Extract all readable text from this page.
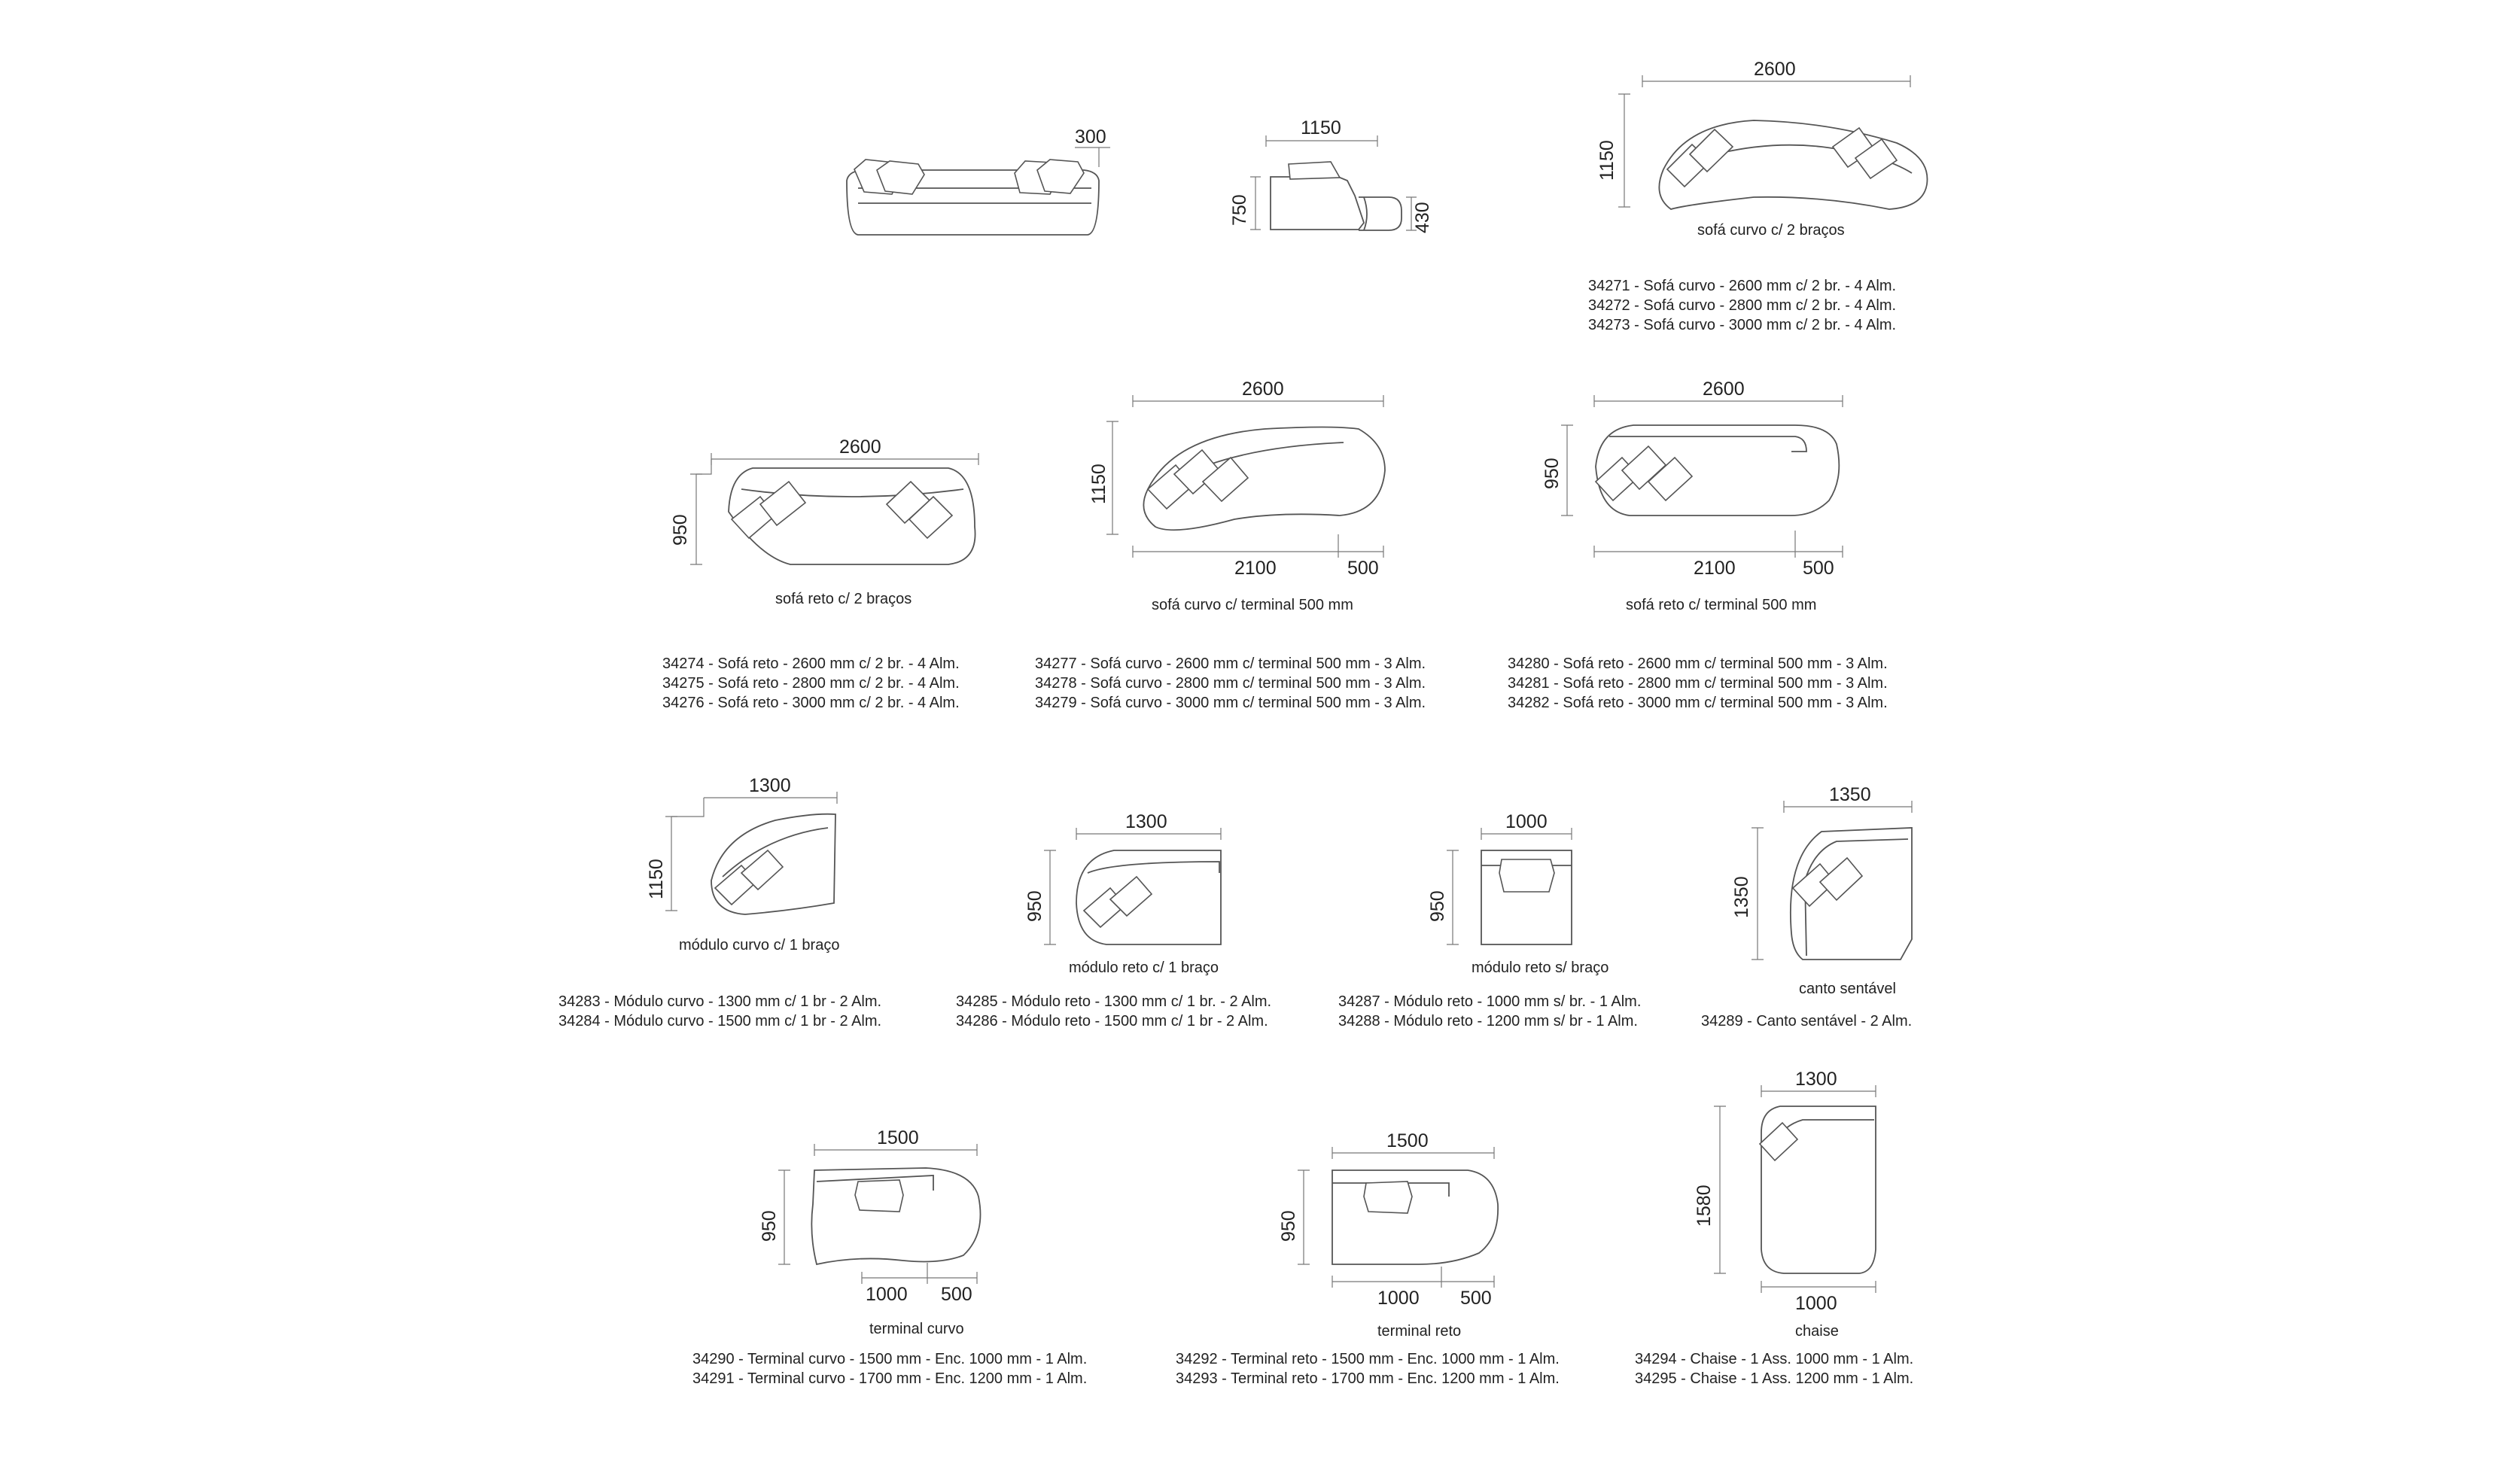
300	1150
750	430
2600
1150
sofá curvo c/ 2 braços
34271 - Sofá curvo - 2600 mm c/ 2 br. - 4 Alm.
34272 - Sofá curvo - 2800 mm c/ 2 br. - 4 Alm.
34273 - Sofá curvo - 3000 mm c/ 2 br. - 4 Alm.
2600
950
sofá reto c/ 2 braços
34274 - Sofá reto - 2600 mm c/ 2 br. - 4 Alm.
34275 - Sofá reto - 2800 mm c/ 2 br. - 4 Alm.
34276 - Sofá reto - 3000 mm c/ 2 br. - 4 Alm.
2600
1150
2100	500
sofá curvo c/ terminal 500 mm
34277 - Sofá curvo - 2600 mm c/ terminal 500 mm - 3 Alm.
34278 - Sofá curvo - 2800 mm c/ terminal 500 mm - 3 Alm.
34279 - Sofá curvo - 3000 mm c/ terminal 500 mm - 3 Alm.
2600
950
2100	500
sofá reto c/ terminal 500 mm
34280 - Sofá reto - 2600 mm c/ terminal 500 mm - 3 Alm.
34281 - Sofá reto - 2800 mm c/ terminal 500 mm - 3 Alm.
34282 - Sofá reto - 3000 mm c/ terminal 500 mm - 3 Alm.
1300
1150
módulo curvo c/ 1 braço
34283 - Módulo curvo - 1300 mm c/ 1 br - 2 Alm.
34284 - Módulo curvo - 1500 mm c/ 1 br - 2 Alm.
1300
950
módulo reto c/ 1 braço
34285 - Módulo reto - 1300 mm c/ 1 br. - 2 Alm.
34286 - Módulo reto - 1500 mm c/ 1 br - 2 Alm.
1000
950
módulo reto s/ braço
34287 - Módulo reto - 1000 mm s/ br. - 1 Alm.
34288 - Módulo reto - 1200 mm s/ br - 1 Alm.
1350
1350
canto sentável
34289 - Canto sentável - 2 Alm.
1500
950
1000 500
terminal curvo
34290 - Terminal curvo - 1500 mm - Enc. 1000 mm - 1 Alm.
34291 - Terminal curvo - 1700 mm - Enc. 1200 mm - 1 Alm.
1500
950
1000 500
terminal reto
34292 - Terminal reto - 1500 mm - Enc. 1000 mm - 1 Alm.
34293 - Terminal reto - 1700 mm - Enc. 1200 mm - 1 Alm.
1300
1580
1000
chaise
34294 - Chaise - 1 Ass. 1000 mm - 1 Alm.
34295 - Chaise - 1 Ass. 1200 mm - 1 Alm.
